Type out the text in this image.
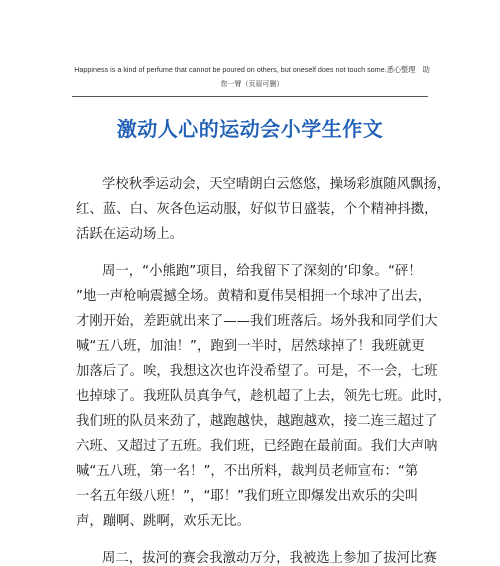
Happiness is a kind of perfume that cannot be poured on others, but oneself does not touch some.悉心整理　助
您一臂（页眉可删）
激动人心的运动会小学生作文
学校秋季运动会，天空晴朗白云悠悠，操场彩旗随风飘扬，
红、蓝、白、灰各色运动服，好似节日盛装，个个精神抖擞，
活跃在运动场上。
周一，“小熊跑”项目，给我留下了深刻的’印象。“砰！
”地一声枪响震撼全场。黄精和夏伟昊相拥一个球冲了出去，
才刚开始，差距就出来了——我们班落后。场外我和同学们大
喊“五八班，加油！”，跑到一半时，居然球掉了！我班就更
加落后了。唉，我想这次也许没希望了。可是，不一会，七班
也掉球了。我班队员真争气，趁机超了上去，领先七班。此时，
我们班的队员来劲了，越跑越快，越跑越欢，接二连三超过了
六班、又超过了五班。我们班，已经跑在最前面。我们大声呐
喊“五八班，第一名！”，不出所料，裁判员老师宣布：“第
一名五年级八班！”，“耶！”我们班立即爆发出欢乐的尖叫
声，蹦啊、跳啊，欢乐无比。
周二，拔河的赛会我激动万分，我被选上参加了拔河比赛
